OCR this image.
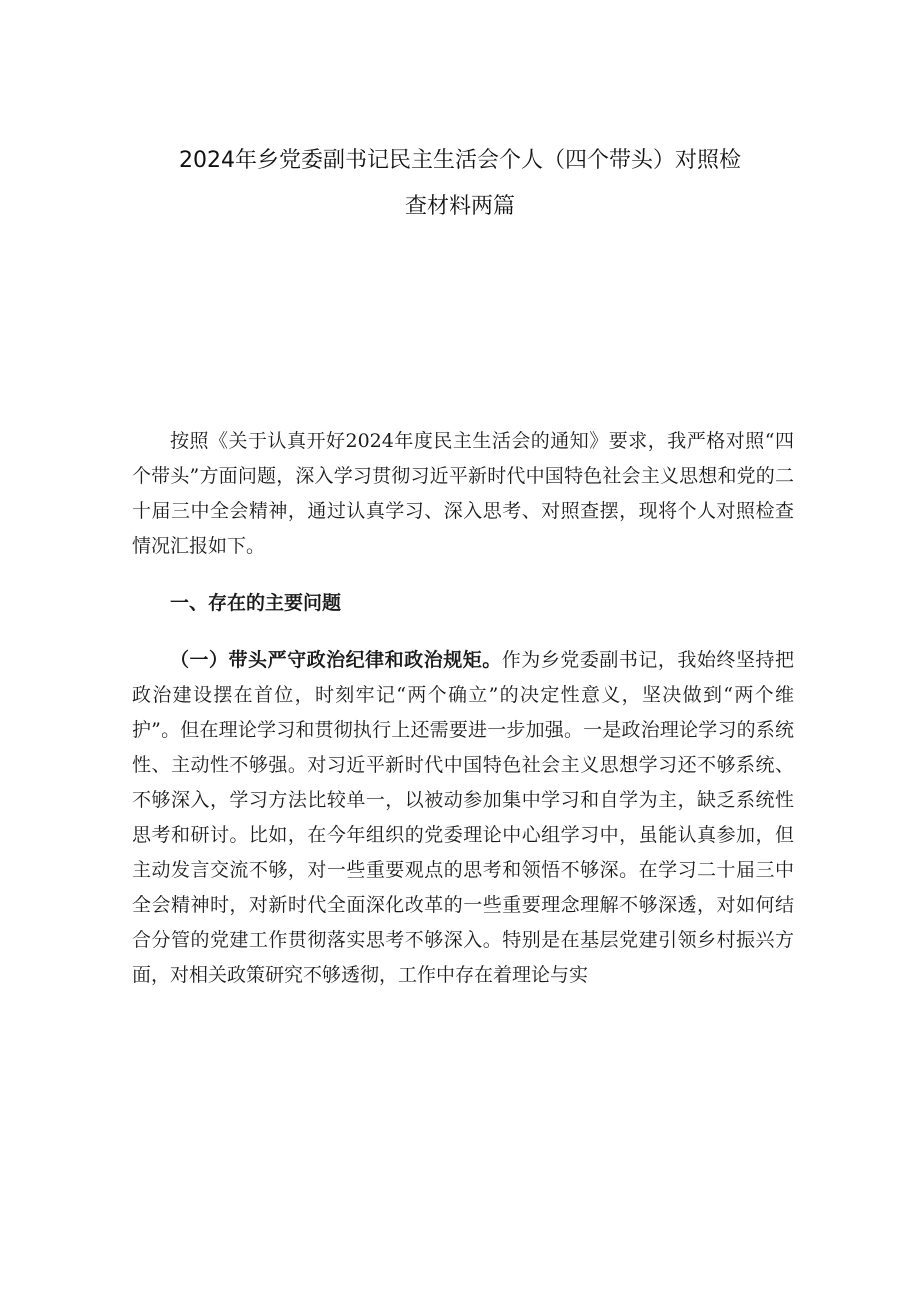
2024年乡党委副书记民主生活会个人（四个带头）对照检
查材料两篇

按照《关于认真开好2024年度民主生活会的通知》要求，我严格对照“四个带头”方面问题，深入学习贯彻习近平新时代中国特色社会主义思想和党的二十届三中全会精神，通过认真学习、深入思考、对照查摆，现将个人对照检查情况汇报如下。

一、存在的主要问题

（一）带头严守政治纪律和政治规矩。作为乡党委副书记，我始终坚持把政治建设摆在首位，时刻牢记“两个确立”的决定性意义，坚决做到“两个维护”。但在理论学习和贯彻执行上还需要进一步加强。一是政治理论学习的系统性、主动性不够强。对习近平新时代中国特色社会主义思想学习还不够系统、不够深入，学习方法比较单一，以被动参加集中学习和自学为主，缺乏系统性思考和研讨。比如，在今年组织的党委理论中心组学习中，虽能认真参加，但主动发言交流不够，对一些重要观点的思考和领悟不够深。在学习二十届三中全会精神时，对新时代全面深化改革的一些重要理念理解不够深透，对如何结合分管的党建工作贯彻落实思考不够深入。特别是在基层党建引领乡村振兴方面，对相关政策研究不够透彻，工作中存在着理论与实
